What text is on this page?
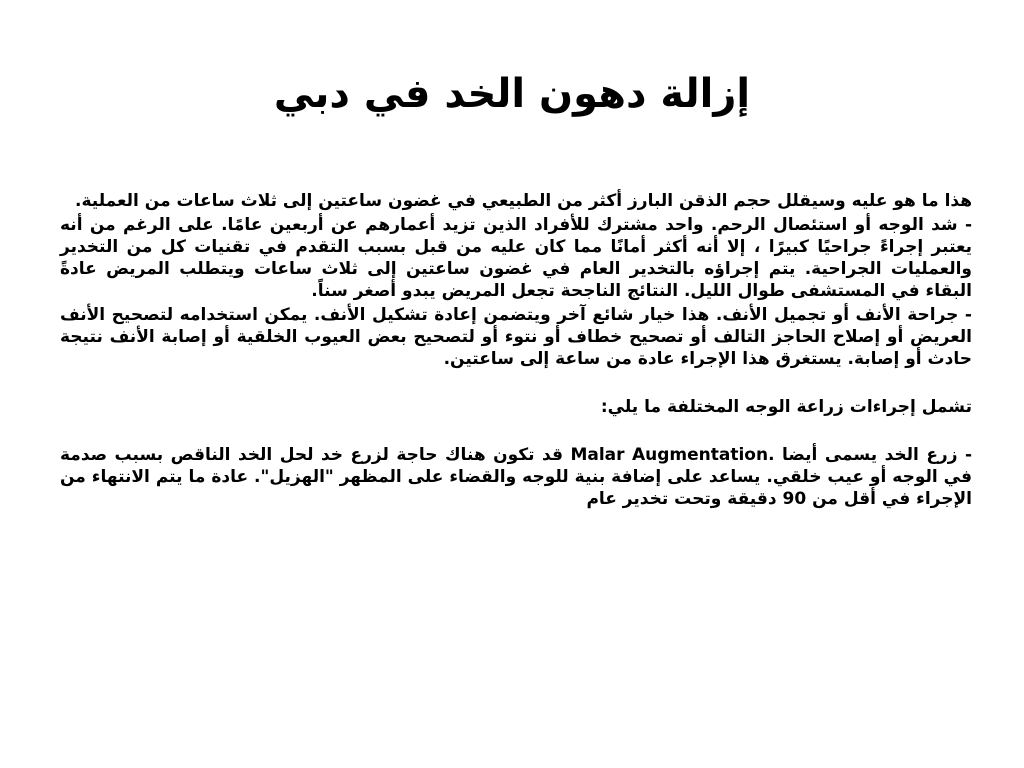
إزالة دهون الخد في دبي

هذا ما هو عليه وسيقلل حجم الذقن البارز أكثر من الطبيعي في غضون ساعتين إلى ثلاث ساعات من العملية.

- شد الوجه أو استئصال الرحم. واحد مشترك للأفراد الذين تزيد أعمارهم عن أربعين عامًا. على الرغم من أنه يعتبر إجراءً جراحيًا كبيرًا ، إلا أنه أكثر أمانًا مما كان عليه من قبل بسبب التقدم في تقنيات كل من التخدير والعمليات الجراحية. يتم إجراؤه بالتخدير العام في غضون ساعتين إلى ثلاث ساعات ويتطلب المريض عادةً البقاء في المستشفى طوال الليل. النتائج الناجحة تجعل المريض يبدو أصغر سناً.

- جراحة الأنف أو تجميل الأنف. هذا خيار شائع آخر ويتضمن إعادة تشكيل الأنف. يمكن استخدامه لتصحيح الأنف العريض أو إصلاح الحاجز التالف أو تصحيح خطاف أو نتوء أو لتصحيح بعض العيوب الخلقية أو إصابة الأنف نتيجة حادث أو إصابة. يستغرق هذا الإجراء عادة من ساعة إلى ساعتين.

تشمل إجراءات زراعة الوجه المختلفة ما يلي:

- زرع الخد يسمى أيضا Malar Augmentation. قد تكون هناك حاجة لزرع خد لحل الخد الناقص بسبب صدمة في الوجه أو عيب خلقي. يساعد على إضافة بنية للوجه والقضاء على المظهر "الهزيل". عادة ما يتم الانتهاء من الإجراء في أقل من 90 دقيقة وتحت تخدير عام
